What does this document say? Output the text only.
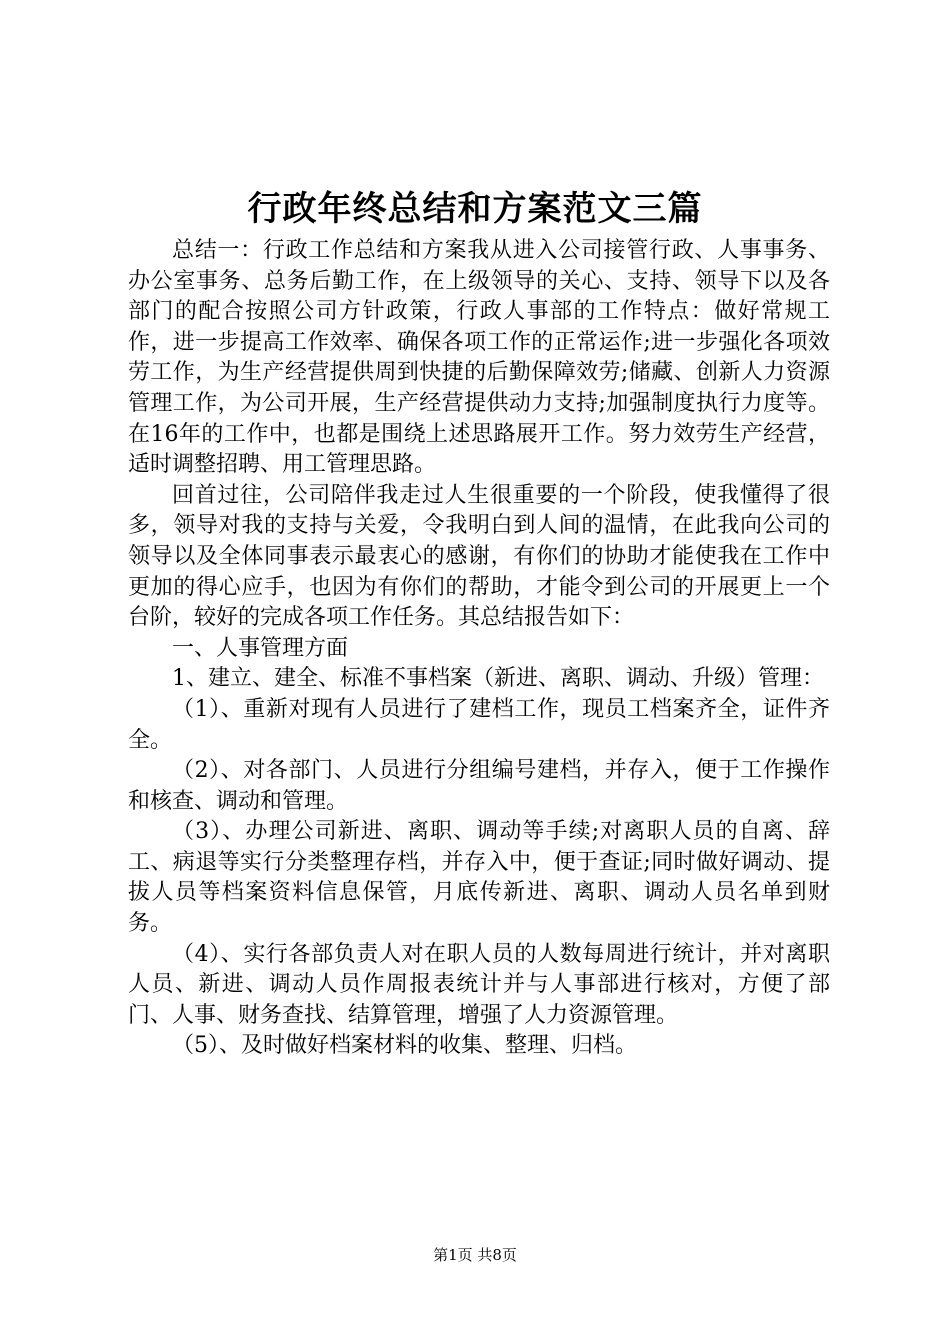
行政年终总结和方案范文三篇

总结一：行政工作总结和方案我从进入公司接管行政、人事事务、办公室事务、总务后勤工作，在上级领导的关心、支持、领导下以及各部门的配合按照公司方针政策，行政人事部的工作特点：做好常规工作，进一步提高工作效率、确保各项工作的正常运作;进一步强化各项效劳工作，为生产经营提供周到快捷的后勤保障效劳;储藏、创新人力资源管理工作，为公司开展，生产经营提供动力支持;加强制度执行力度等。在16年的工作中，也都是围绕上述思路展开工作。努力效劳生产经营，适时调整招聘、用工管理思路。

回首过往，公司陪伴我走过人生很重要的一个阶段，使我懂得了很多，领导对我的支持与关爱，令我明白到人间的温情，在此我向公司的领导以及全体同事表示最衷心的感谢，有你们的协助才能使我在工作中更加的得心应手，也因为有你们的帮助，才能令到公司的开展更上一个台阶，较好的完成各项工作任务。其总结报告如下：

一、人事管理方面

1、建立、建全、标准不事档案（新进、离职、调动、升级）管理：

（1）、重新对现有人员进行了建档工作，现员工档案齐全，证件齐全。

（2）、对各部门、人员进行分组编号建档，并存入，便于工作操作和核查、调动和管理。

（3）、办理公司新进、离职、调动等手续;对离职人员的自离、辞工、病退等实行分类整理存档，并存入中，便于查证;同时做好调动、提拔人员等档案资料信息保管，月底传新进、离职、调动人员名单到财务。

（4）、实行各部负责人对在职人员的人数每周进行统计，并对离职人员、新进、调动人员作周报表统计并与人事部进行核对，方便了部门、人事、财务查找、结算管理，增强了人力资源管理。

（5）、及时做好档案材料的收集、整理、归档。

第1页 共8页
